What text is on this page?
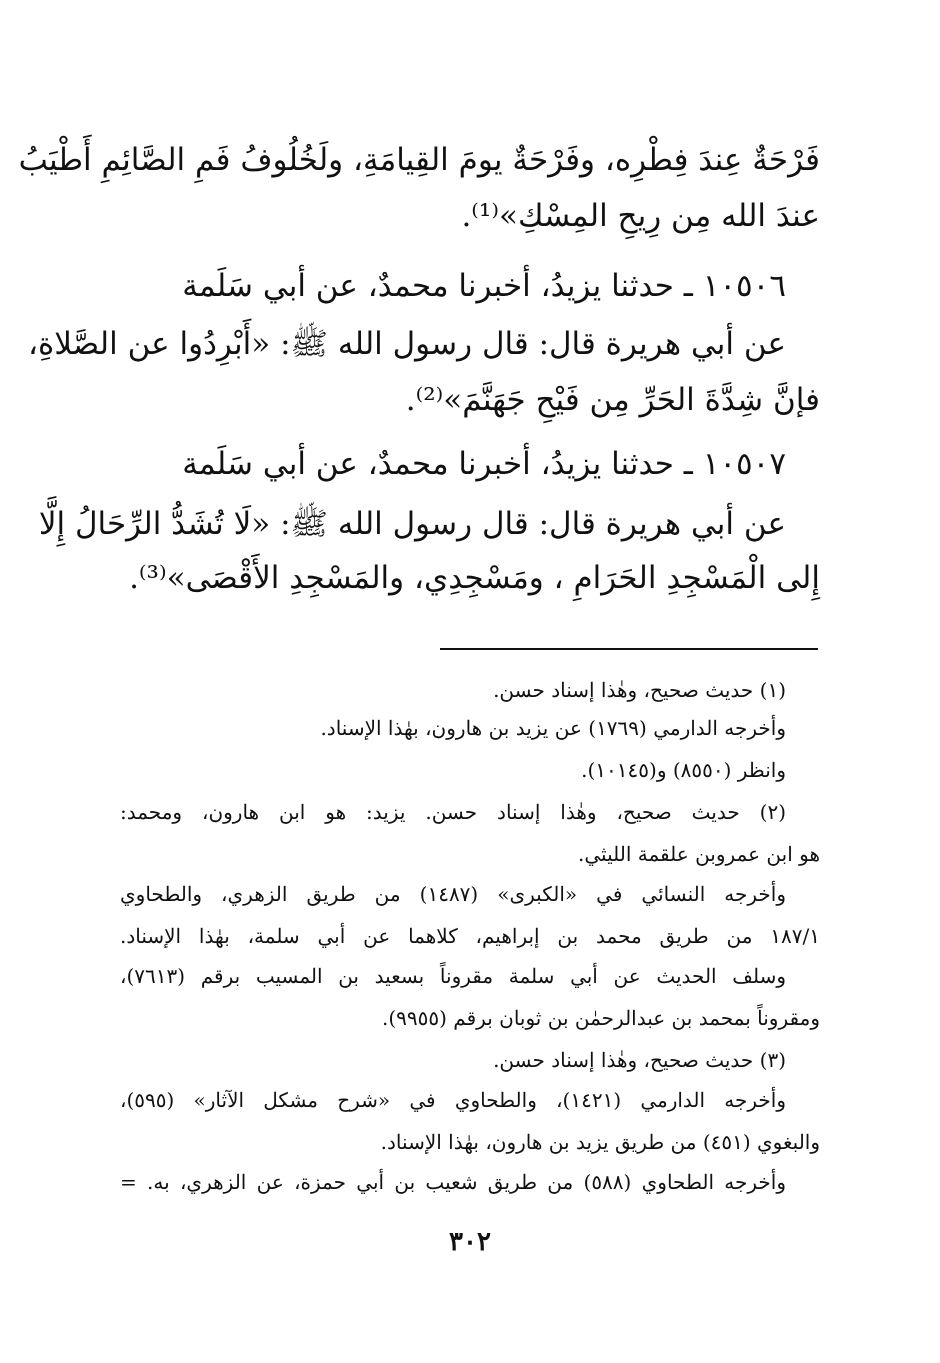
فَرْحَةٌ عِندَ فِطْرِه، وفَرْحَةٌ يومَ القِيامَةِ، ولَخُلُوفُ فَمِ الصَّائِمِ أَطْيَبُ
عندَ الله مِن رِيحِ المِسْكِ»⁽¹⁾.
١٠٥٠٦ ـ حدثنا يزيدُ، أخبرنا محمدٌ، عن أبي سَلَمة
عن أبي هريرة قال: قال رسول الله ﷺ: «أَبْرِدُوا عن الصَّلاةِ،
فإنَّ شِدَّةَ الحَرِّ مِن فَيْحِ جَهَنَّمَ»⁽²⁾.
١٠٥٠٧ ـ حدثنا يزيدُ، أخبرنا محمدٌ، عن أبي سَلَمة
عن أبي هريرة قال: قال رسول الله ﷺ: «لَا تُشَدُّ الرِّحَالُ إِلَّا
إِلى الْمَسْجِدِ الحَرَامِ ، ومَسْجِدِي، والمَسْجِدِ الأَقْصَى»⁽³⁾.
(١) حديث صحيح، وهٰذا إسناد حسن.
وأخرجه الدارمي (١٧٦٩) عن يزيد بن هارون، بهٰذا الإسناد.
وانظر (٨٥٥٠) و(١٠١٤٥).
(٢) حديث صحيح، وهٰذا إسناد حسن. يزيد: هو ابن هارون، ومحمد:
هو ابن عمروبن علقمة الليثي.
وأخرجه النسائي في «الكبرى» (١٤٨٧) من طريق الزهري، والطحاوي
١٨٧/١ من طريق محمد بن إبراهيم، كلاهما عن أبي سلمة، بهٰذا الإسناد.
وسلف الحديث عن أبي سلمة مقروناً بسعيد بن المسيب برقم (٧٦١٣)،
ومقروناً بمحمد بن عبدالرحمٰن بن ثوبان برقم (٩٩٥٥).
(٣) حديث صحيح، وهٰذا إسناد حسن.
وأخرجه الدارمي (١٤٢١)، والطحاوي في «شرح مشكل الآثار» (٥٩٥)،
والبغوي (٤٥١) من طريق يزيد بن هارون، بهٰذا الإسناد.
وأخرجه الطحاوي (٥٨٨) من طريق شعيب بن أبي حمزة، عن الزهري، به. =
٣٠٢
